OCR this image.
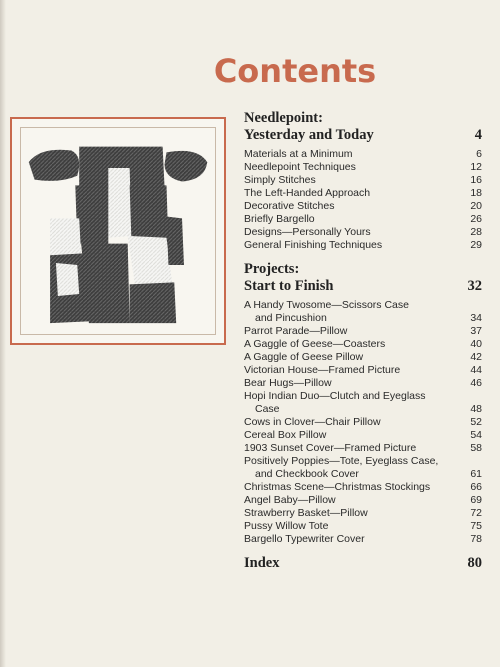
Contents
Needlepoint:
Yesterday and Today	4
Materials at a Minimum	6
Needlepoint Techniques	12
Simply Stitches	16
The Left-Handed Approach	18
Decorative Stitches	20
Briefly Bargello	26
Designs—Personally Yours	28
General Finishing Techniques	29
Projects:
Start to Finish	32
A Handy Twosome—Scissors Case
and Pincushion	34
Parrot Parade—Pillow	37
A Gaggle of Geese—Coasters	40
A Gaggle of Geese Pillow	42
Victorian House—Framed Picture	44
Bear Hugs—Pillow	46
Hopi Indian Duo—Clutch and Eyeglass
Case	48
Cows in Clover—Chair Pillow	52
Cereal Box Pillow	54
1903 Sunset Cover—Framed Picture	58
Positively Poppies—Tote, Eyeglass Case,
and Checkbook Cover	61
Christmas Scene—Christmas Stockings	66
Angel Baby—Pillow	69
Strawberry Basket—Pillow	72
Pussy Willow Tote	75
Bargello Typewriter Cover	78
Index	80
